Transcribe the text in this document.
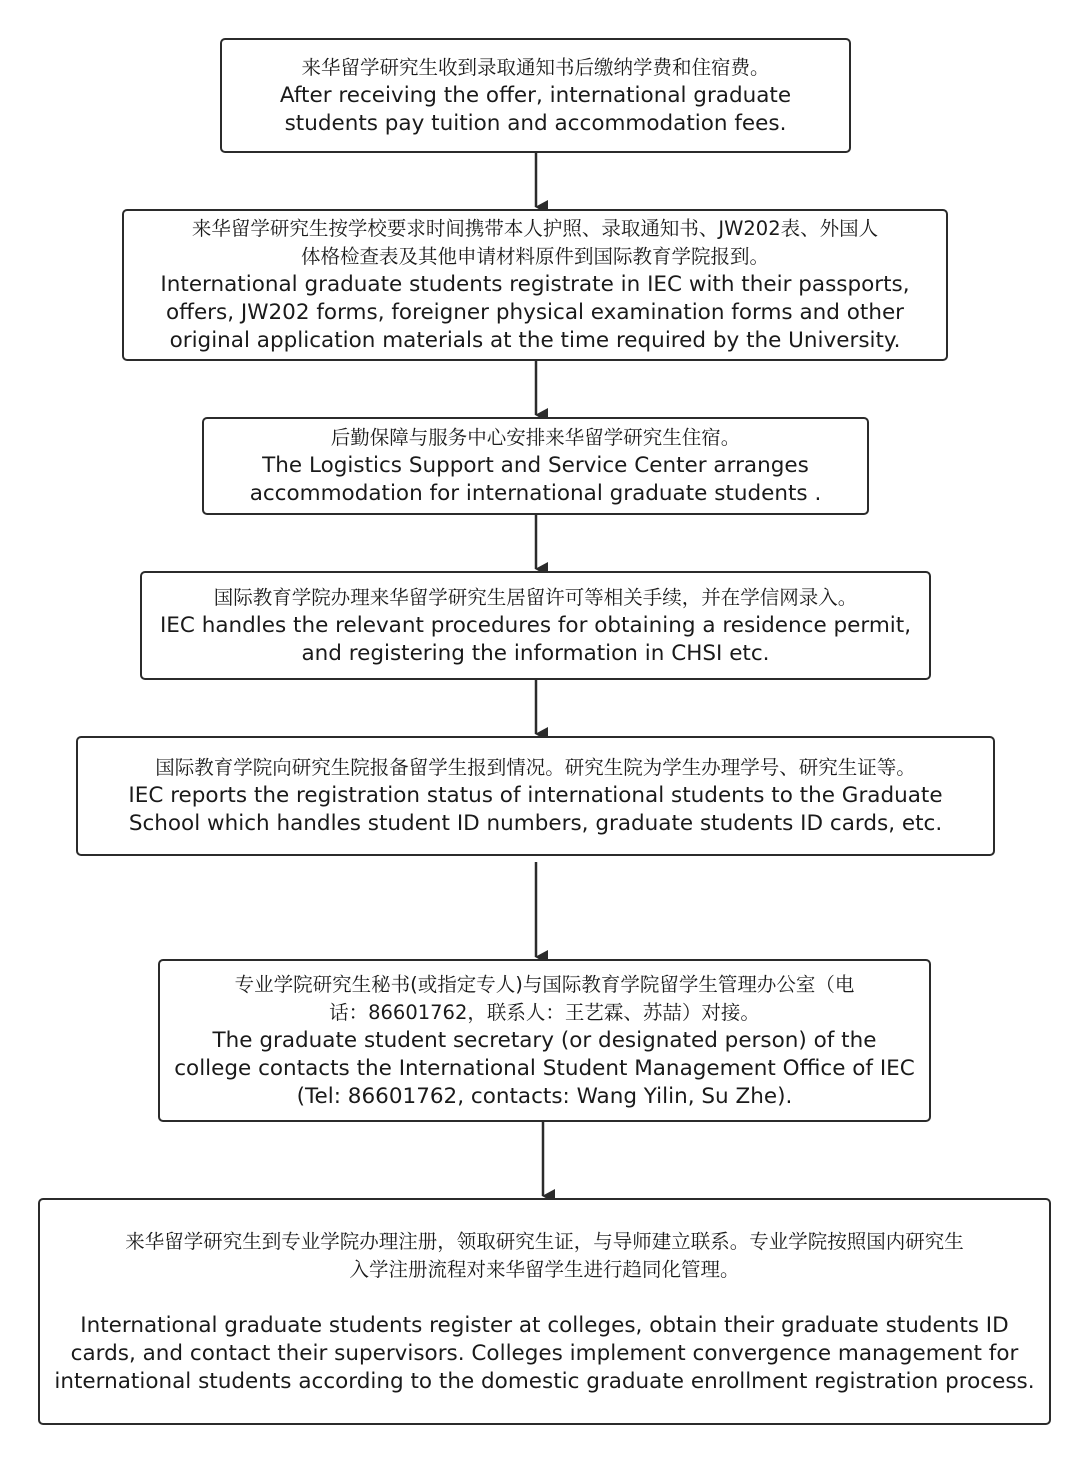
来华留学研究生收到录取通知书后缴纳学费和住宿费。
After receiving the offer, international graduate
students pay tuition and accommodation fees.
来华留学研究生按学校要求时间携带本人护照、录取通知书、JW202表、外国人
体格检查表及其他申请材料原件到国际教育学院报到。
International graduate students registrate in IEC with their passports,
offers, JW202 forms, foreigner physical examination forms and other
original application materials at the time required by the University.
后勤保障与服务中心安排来华留学研究生住宿。
The Logistics Support and Service Center arranges
accommodation for international graduate students .
国际教育学院办理来华留学研究生居留许可等相关手续，并在学信网录入。
IEC handles the relevant procedures for obtaining a residence permit,
and registering the information in CHSI etc.
国际教育学院向研究生院报备留学生报到情况。研究生院为学生办理学号、研究生证等。
IEC reports the registration status of international students to the Graduate
School which handles student ID numbers, graduate students ID cards, etc.
专业学院研究生秘书(或指定专人)与国际教育学院留学生管理办公室（电
话：86601762，联系人：王艺霖、苏喆）对接。
The graduate student secretary (or designated person) of the
college contacts the International Student Management Office of IEC
(Tel: 86601762, contacts: Wang Yilin, Su Zhe).
来华留学研究生到专业学院办理注册，领取研究生证，与导师建立联系。专业学院按照国内研究生
入学注册流程对来华留学生进行趋同化管理。
International graduate students register at colleges, obtain their graduate students ID
cards, and contact their supervisors. Colleges implement convergence management for
international students according to the domestic graduate enrollment registration process.
